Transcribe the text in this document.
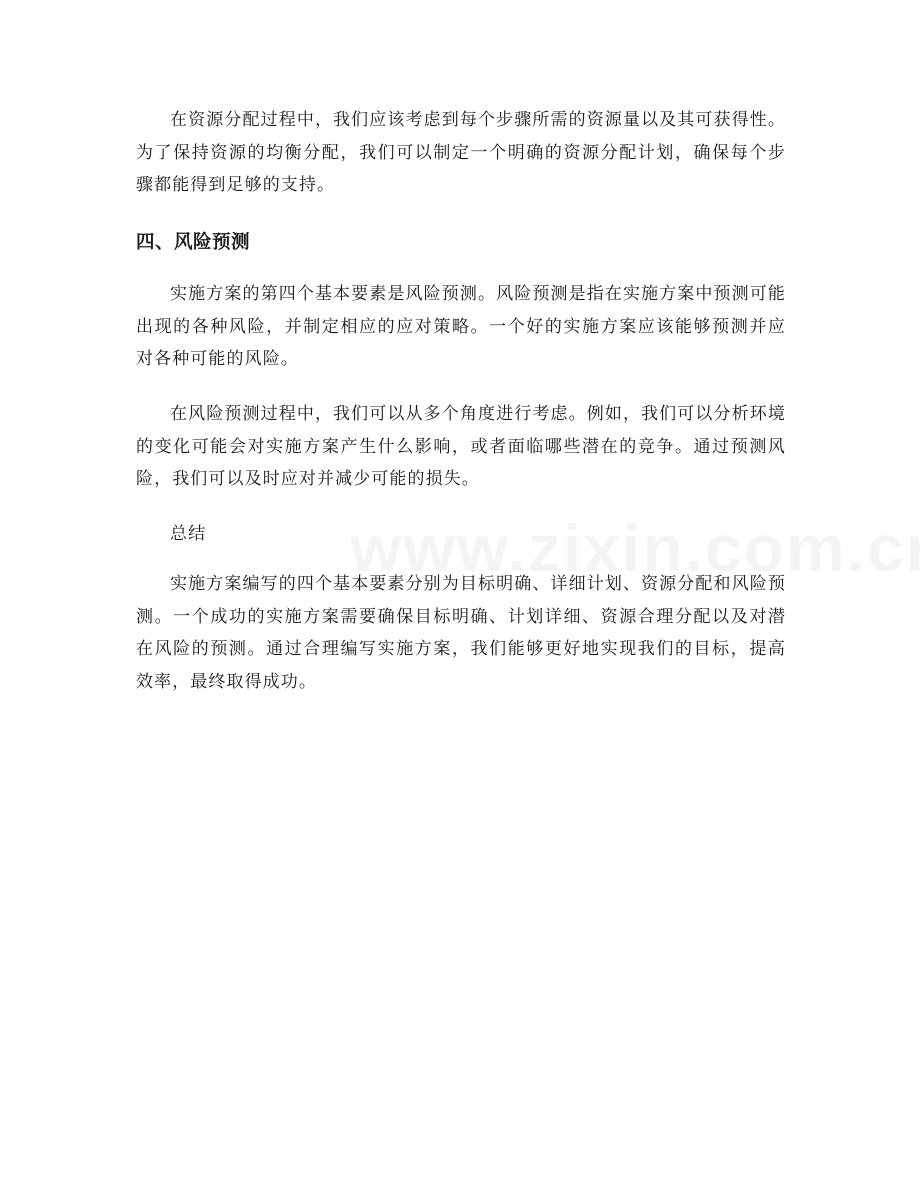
在资源分配过程中，我们应该考虑到每个步骤所需的资源量以及其可获得性。为了保持资源的均衡分配，我们可以制定一个明确的资源分配计划，确保每个步骤都能得到足够的支持。

四、风险预测

实施方案的第四个基本要素是风险预测。风险预测是指在实施方案中预测可能出现的各种风险，并制定相应的应对策略。一个好的实施方案应该能够预测并应对各种可能的风险。

在风险预测过程中，我们可以从多个角度进行考虑。例如，我们可以分析环境的变化可能会对实施方案产生什么影响，或者面临哪些潜在的竞争。通过预测风险，我们可以及时应对并减少可能的损失。

总结

实施方案编写的四个基本要素分别为目标明确、详细计划、资源分配和风险预测。一个成功的实施方案需要确保目标明确、计划详细、资源合理分配以及对潜在风险的预测。通过合理编写实施方案，我们能够更好地实现我们的目标，提高效率，最终取得成功。
